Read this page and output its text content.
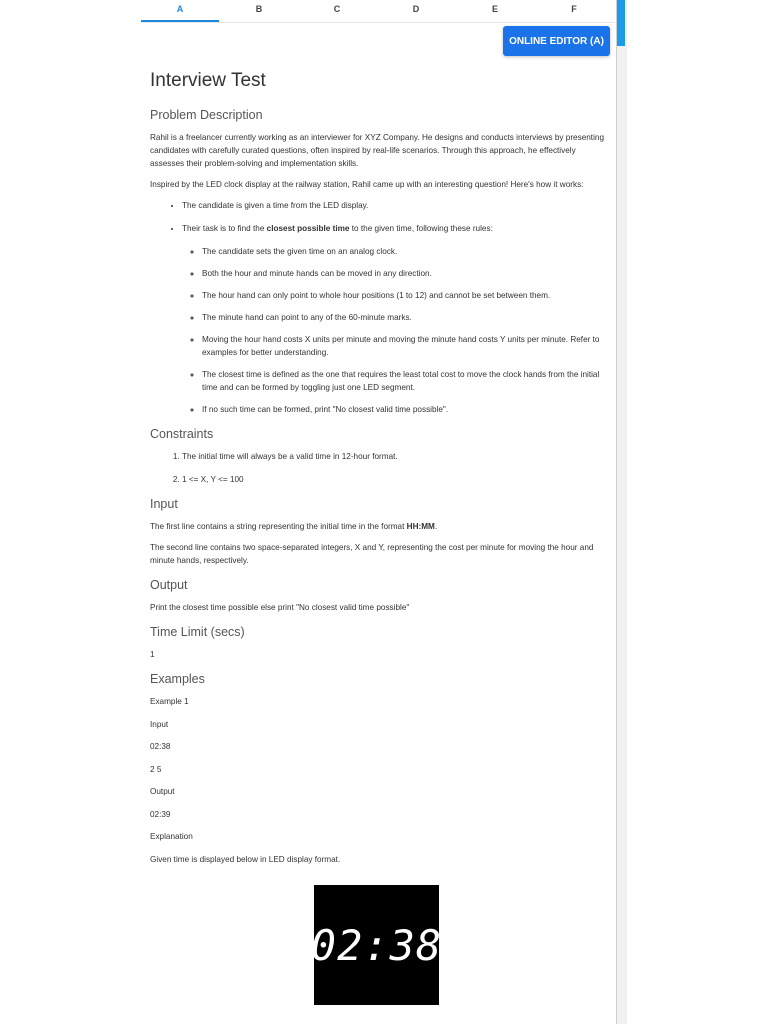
A	B	C	D	E	F
ONLINE EDITOR (A)
Interview Test
Problem Description

Rahil is a freelancer currently working as an interviewer for XYZ Company. He designs and conducts interviews by presenting candidates with carefully curated questions, often inspired by real-life scenarios. Through this approach, he effectively assesses their problem-solving and implementation skills.

Inspired by the LED clock display at the railway station, Rahil came up with an interesting question! Here's how it works:

• The candidate is given a time from the LED display.
• Their task is to find the closest possible time to the given time, following these rules:
◦ The candidate sets the given time on an analog clock.
◦ Both the hour and minute hands can be moved in any direction.
◦ The hour hand can only point to whole hour positions (1 to 12) and cannot be set between them.
◦ The minute hand can point to any of the 60-minute marks.
◦ Moving the hour hand costs X units per minute and moving the minute hand costs Y units per minute. Refer to examples for better understanding.
◦ The closest time is defined as the one that requires the least total cost to move the clock hands from the initial time and can be formed by toggling just one LED segment.
◦ If no such time can be formed, print "No closest valid time possible".
Constraints
1. The initial time will always be a valid time in 12-hour format.
2. 1 <= X, Y <= 100
Input

The first line contains a string representing the initial time in the format HH:MM.

The second line contains two space-separated integers, X and Y, representing the cost per minute for moving the hour and minute hands, respectively.

Output

Print the closest time possible else print "No closest valid time possible"

Time Limit (secs)

1

Examples

Example 1

Input

02:38

2 5

Output

02:39

Explanation

Given time is displayed below in LED display format.

02:38
